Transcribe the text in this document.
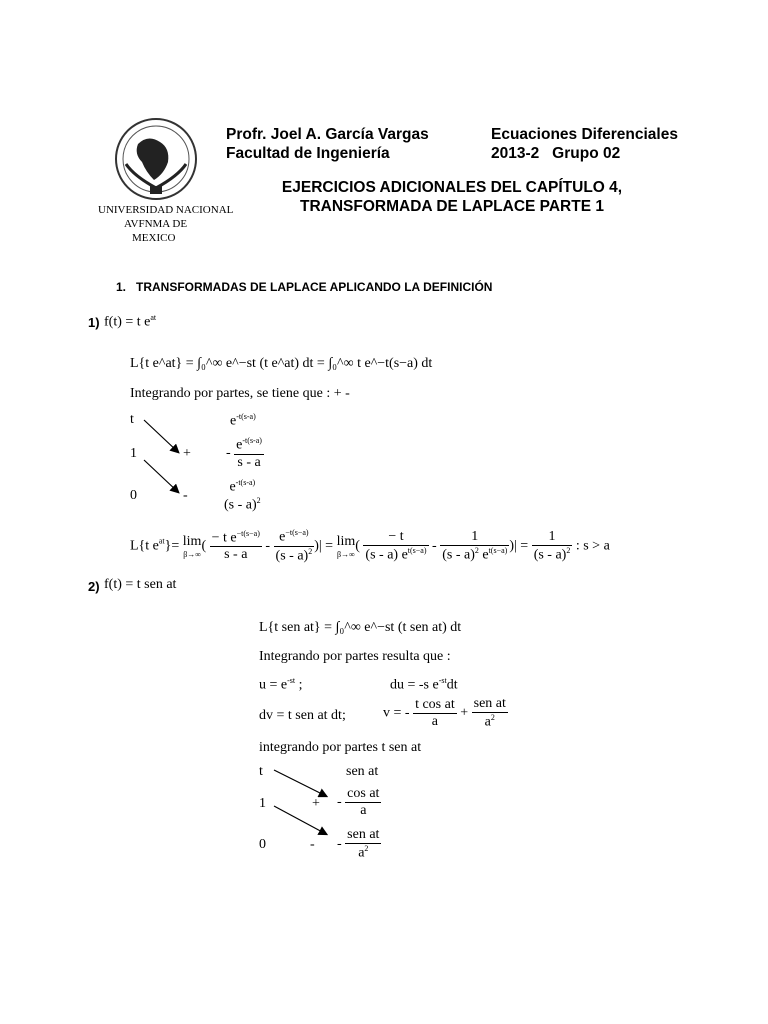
UNIVERSIDAD NACIONAL
AVFNMA DE
MEXICO
Profr. Joel A. García Vargas
Facultad de Ingeniería
Ecuaciones Diferenciales
2013-2   Grupo 02
EJERCICIOS ADICIONALES DEL CAPÍTULO 4,
TRANSFORMADA DE LAPLACE PARTE 1
1.   TRANSFORMADAS DE LAPLACE APLICANDO LA DEFINICIÓN
1) f(t) = t $e^{at}$
L{t e^at} = ∫₀^∞ e^−st (t e^at) dt = ∫₀^∞ t e^−t(s−a) dt
Integrando por partes, se tiene que : + -
t
1
0
+
-
$e^{-t(s-a)}$
- $\frac{e^{-t(s-a)}}{s - a}$
$e^{-t(s-a)}$
(s - a)$^2$
L{t $e^{at}\}= \lim$
β→∞
( $\frac{- t e^{-t(s-a)}}{s - a} - \frac{e^{-t(s-a)}}{(s - a)^2}$ )| = lim
β→∞
( $\frac{- t}{(s - a) e^{t(s-a)}} - \frac{1}{(s - a)^2 e^{t(s-a)}}$ )| = $\frac{1}{(s - a)^2}$ : s > a
2) f(t) = t sen at
L{t sen at} = ∫₀^∞ e^−st (t sen at) dt
Integrando por partes resulta que :
$u = e^{-st}$ ;	du = -s $e^{-st}dt$
dv = t sen at dt;	v = - $\frac{\text{t cos at}}{a} + \frac{\text{sen at}}{a^2}$
integrando por partes t sen at
t
1
0
+
-
sen at
- $\frac{\text{cos at}}{a}$
- $\frac{\text{sen at}}{a^2}$
